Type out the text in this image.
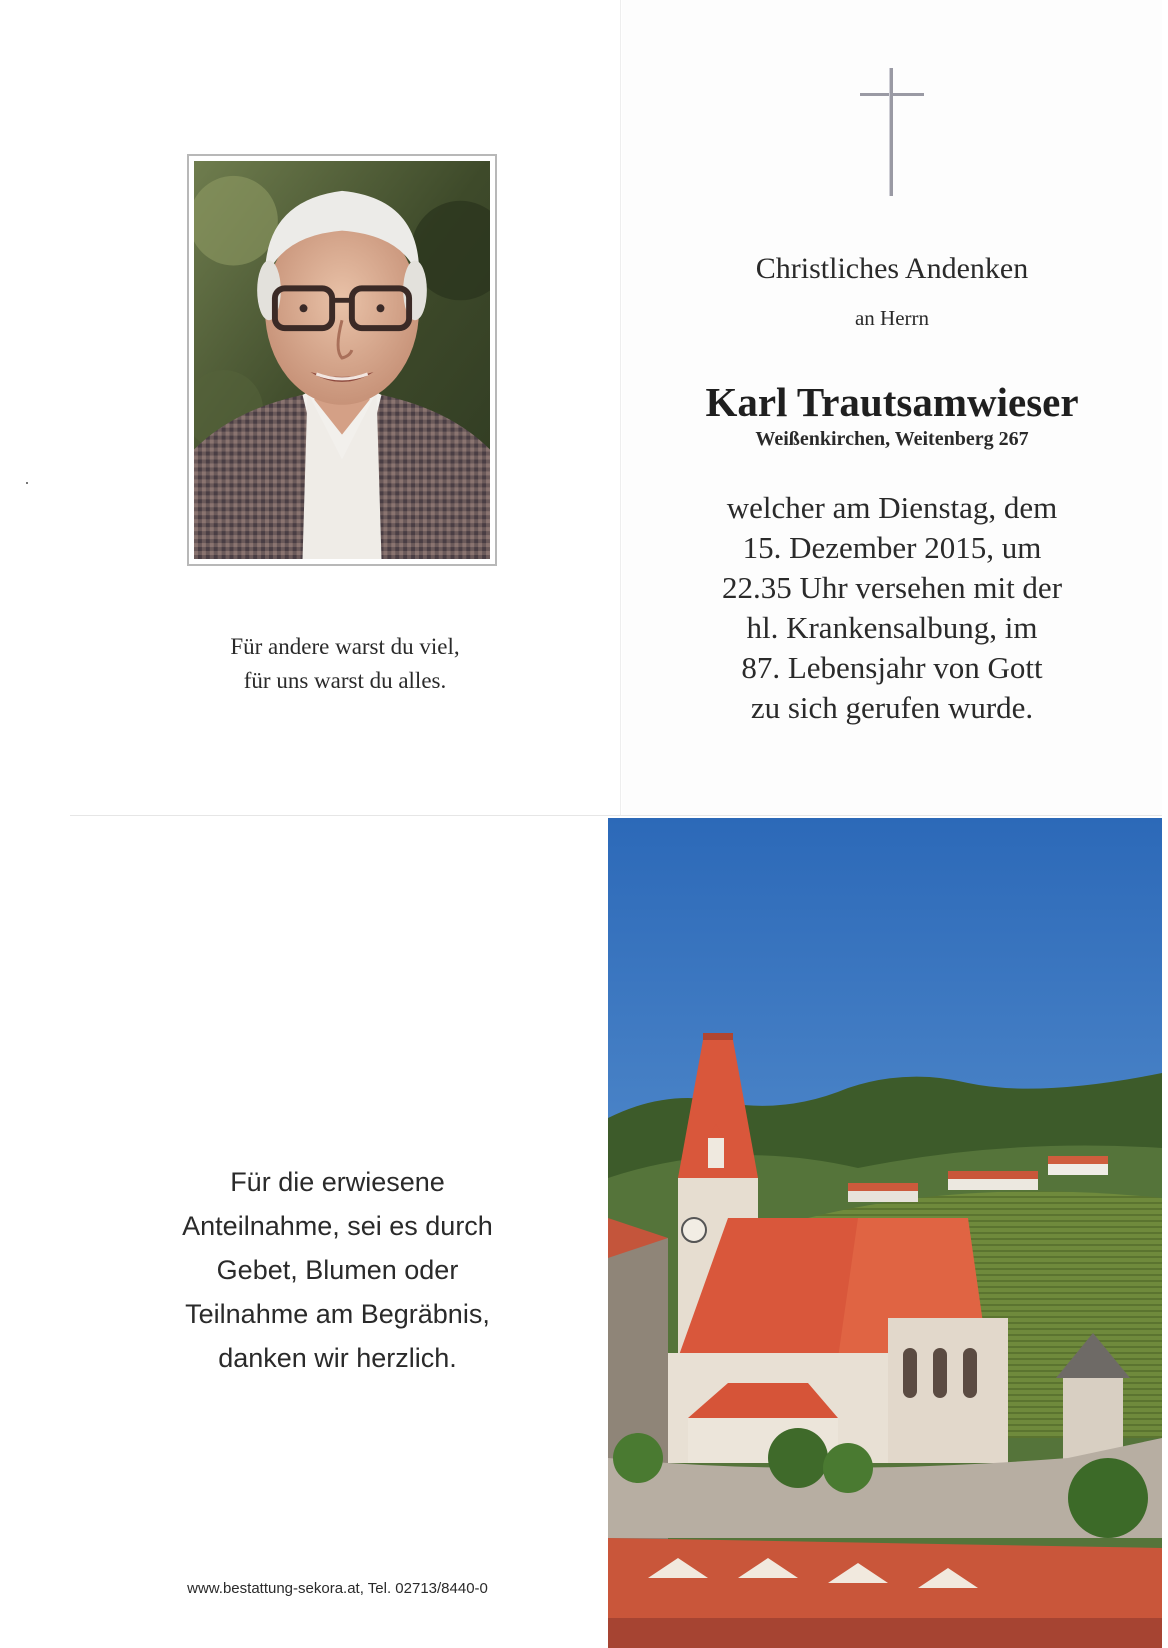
Für andere warst du viel,
für uns warst du alles.
Christliches Andenken
an Herrn
Karl Trautsamwieser
Weißenkirchen, Weitenberg 267
welcher am Dienstag, dem
15. Dezember 2015, um
22.35 Uhr versehen mit der
hl. Krankensalbung, im
87. Lebensjahr von Gott
zu sich gerufen wurde.
Für die erwiesene
Anteilnahme, sei es durch
Gebet, Blumen oder
Teilnahme am Begräbnis,
danken wir herzlich.
www.bestattung-sekora.at, Tel. 02713/8440-0
